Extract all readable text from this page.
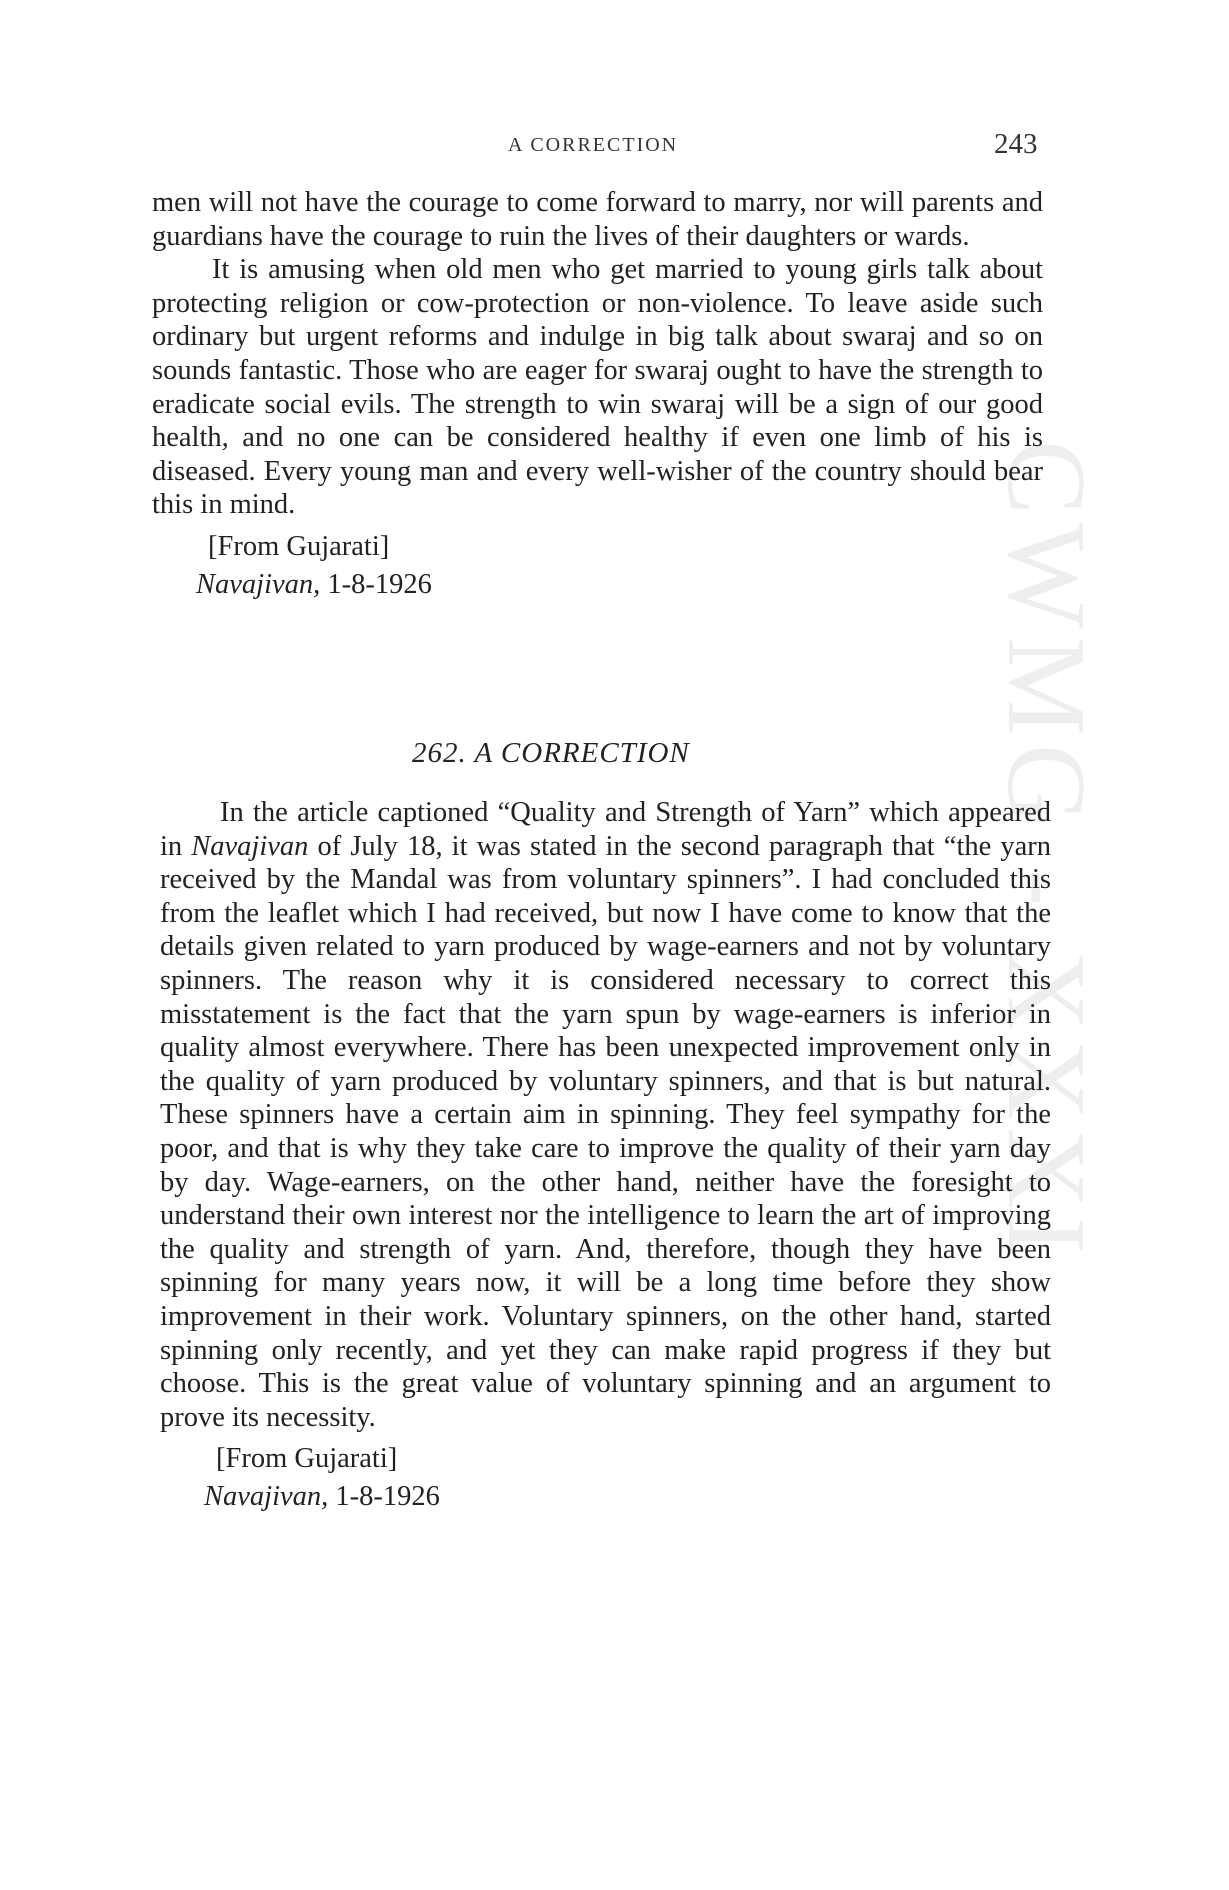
CWMG - XXXI
A CORRECTION	243

men will not have the courage to come forward to marry, nor will parents and guardians have the courage to ruin the lives of their daughters or wards.

It is amusing when old men who get married to young girls talk about protecting religion or cow-protection or non-violence. To leave aside such ordinary but urgent reforms and indulge in big talk about swaraj and so on sounds fantastic. Those who are eager for swaraj ought to have the strength to eradicate social evils. The strength to win swaraj will be a sign of our good health, and no one can be considered healthy if even one limb of his is diseased. Every young man and every well-wisher of the country should bear this in mind.

[From Gujarati]
Navajivan, 1-8-1926
262. A CORRECTION

In the article captioned “Quality and Strength of Yarn” which appeared in Navajivan of July 18, it was stated in the second paragraph that “the yarn received by the Mandal was from voluntary spinners”. I had concluded this from the leaflet which I had received, but now I have come to know that the details given related to yarn produced by wage-earners and not by voluntary spinners. The reason why it is considered necessary to correct this misstatement is the fact that the yarn spun by wage-earners is inferior in quality almost everywhere. There has been unexpected improvement only in the quality of yarn produced by voluntary spinners, and that is but natural. These spinners have a certain aim in spinning. They feel sympathy for the poor, and that is why they take care to improve the quality of their yarn day by day. Wage-earners, on the other hand, neither have the foresight to understand their own interest nor the intelligence to learn the art of improving the quality and strength of yarn. And, therefore, though they have been spinning for many years now, it will be a long time before they show improvement in their work. Voluntary spinners, on the other hand, started spinning only recently, and yet they can make rapid progress if they but choose. This is the great value of voluntary spinning and an argument to prove its necessity.

[From Gujarati]
Navajivan, 1-8-1926
